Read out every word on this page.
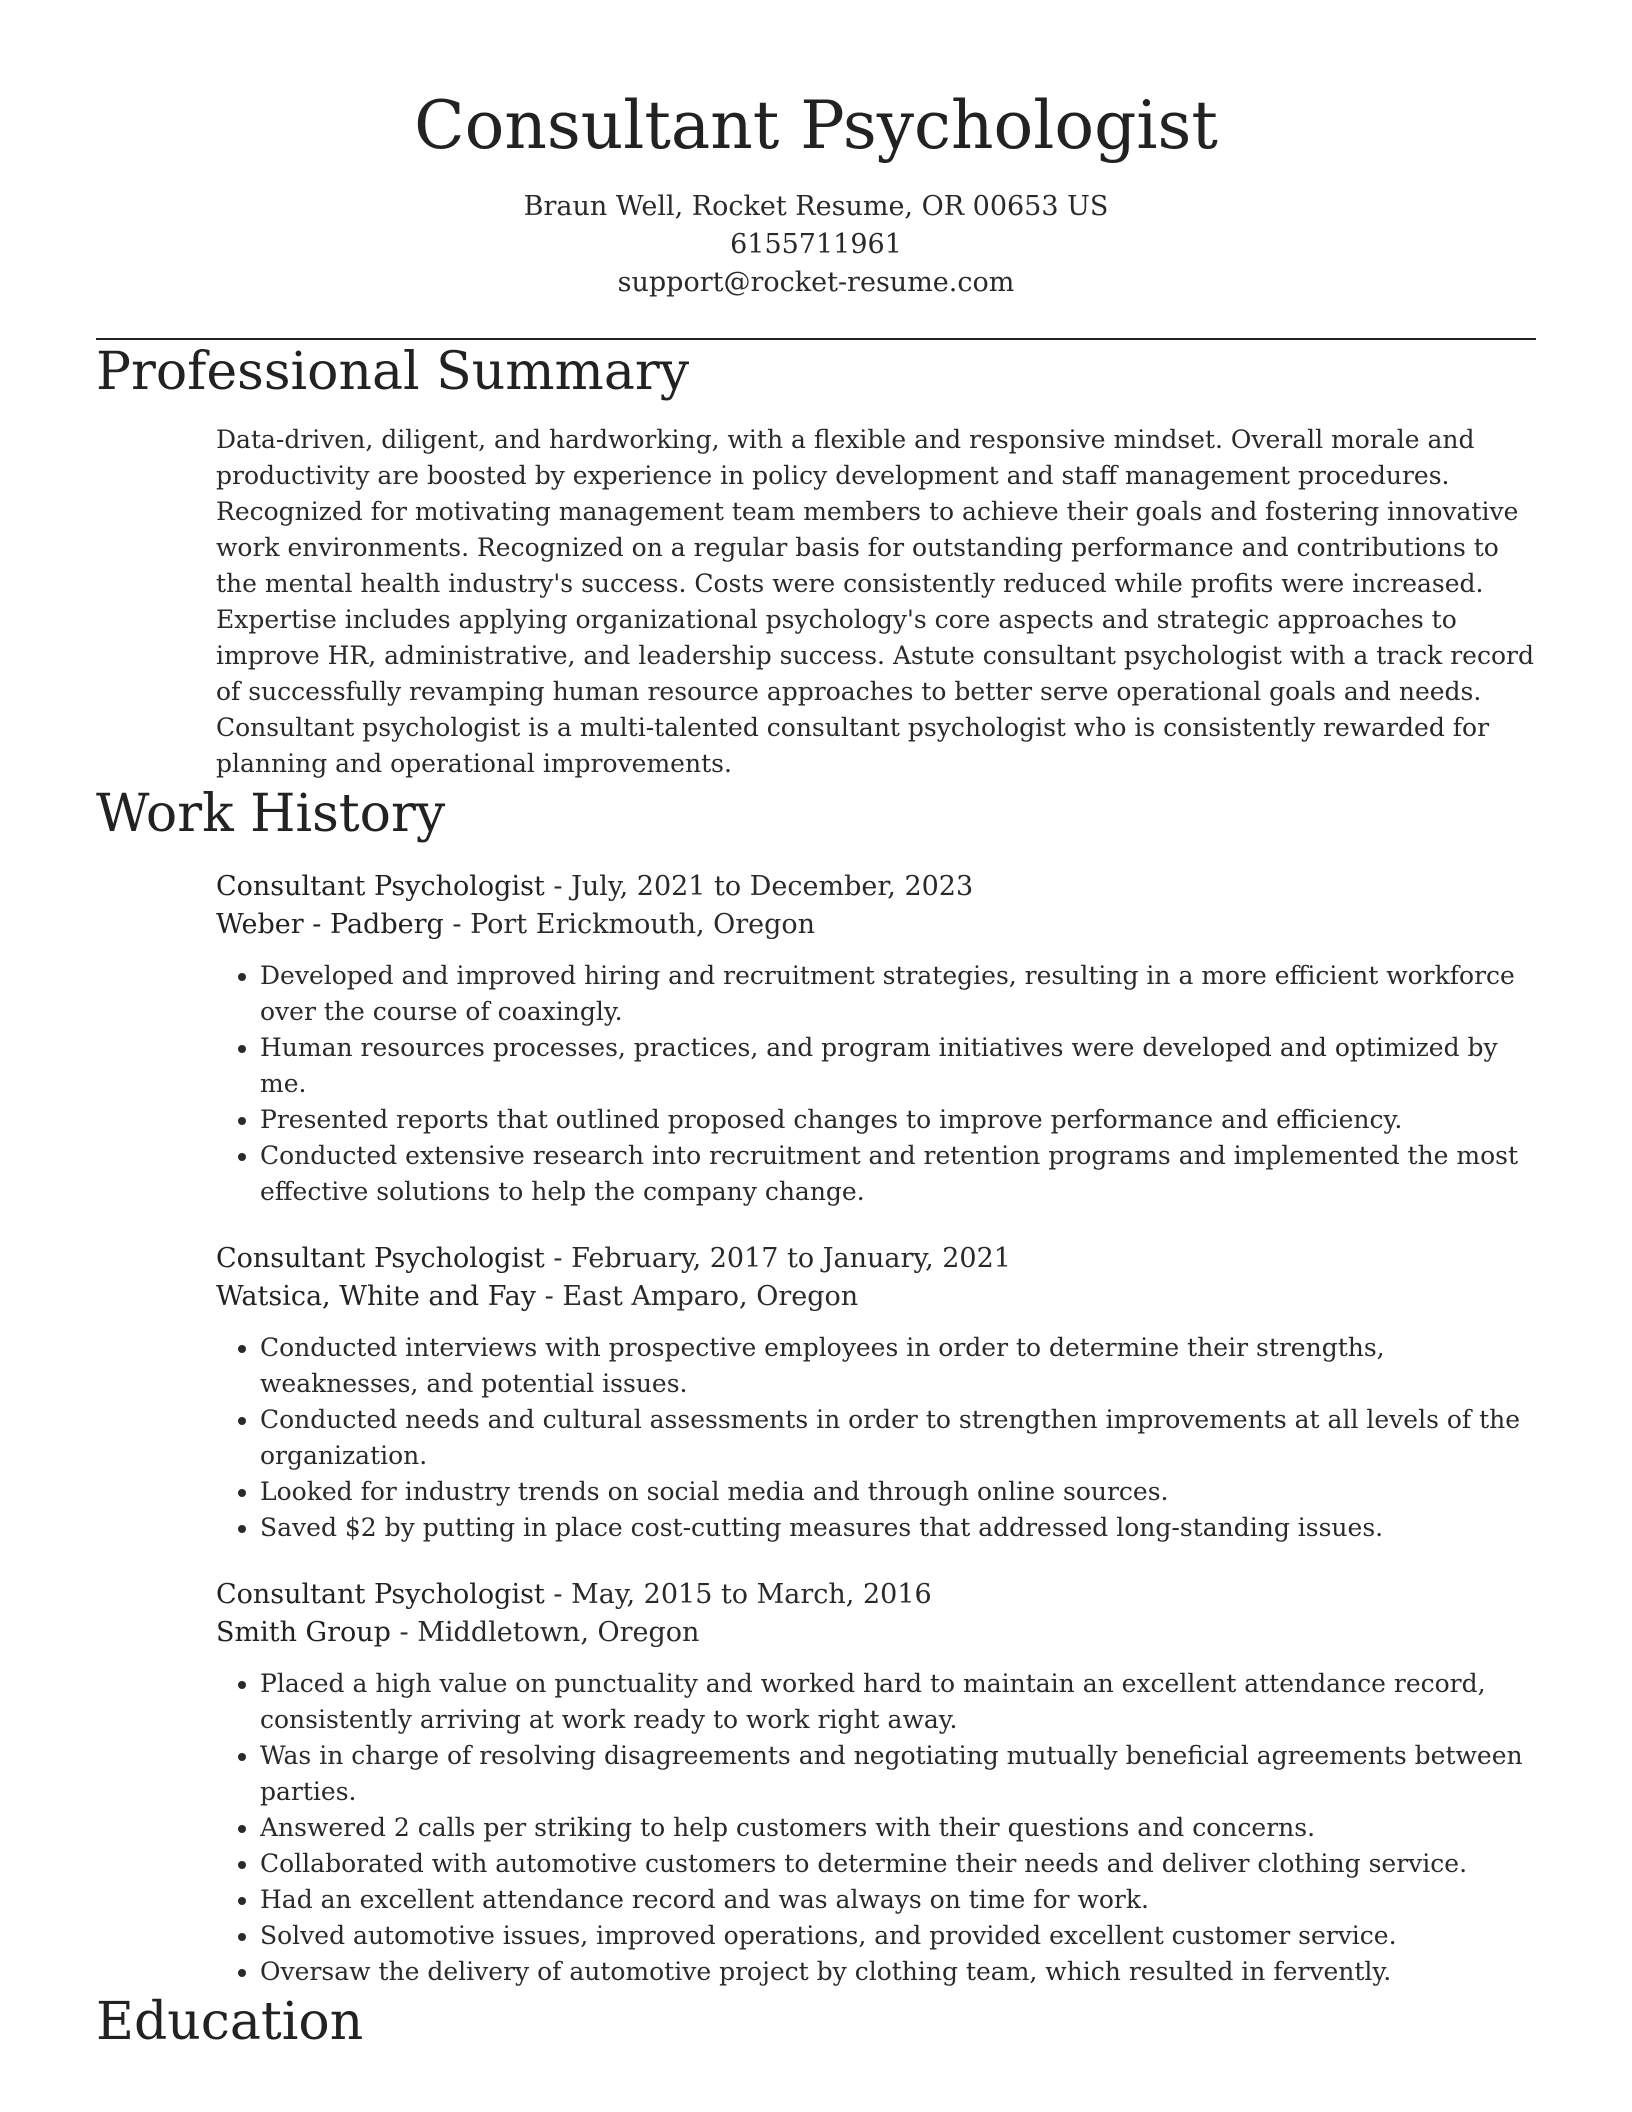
Consultant Psychologist
Braun Well, Rocket Resume, OR 00653 US
6155711961
support@rocket-resume.com
Professional Summary
Data-driven, diligent, and hardworking, with a flexible and responsive mindset. Overall morale and productivity are boosted by experience in policy development and staff management procedures. Recognized for motivating management team members to achieve their goals and fostering innovative work environments. Recognized on a regular basis for outstanding performance and contributions to the mental health industry's success. Costs were consistently reduced while profits were increased. Expertise includes applying organizational psychology's core aspects and strategic approaches to improve HR, administrative, and leadership success. Astute consultant psychologist with a track record of successfully revamping human resource approaches to better serve operational goals and needs. Consultant psychologist is a multi-talented consultant psychologist who is consistently rewarded for planning and operational improvements.
Work History
Consultant Psychologist - July, 2021 to December, 2023
Weber - Padberg - Port Erickmouth, Oregon
• Developed and improved hiring and recruitment strategies, resulting in a more efficient workforce over the course of coaxingly.
• Human resources processes, practices, and program initiatives were developed and optimized by me.
• Presented reports that outlined proposed changes to improve performance and efficiency.
• Conducted extensive research into recruitment and retention programs and implemented the most effective solutions to help the company change.
Consultant Psychologist - February, 2017 to January, 2021
Watsica, White and Fay - East Amparo, Oregon
• Conducted interviews with prospective employees in order to determine their strengths, weaknesses, and potential issues.
• Conducted needs and cultural assessments in order to strengthen improvements at all levels of the organization.
• Looked for industry trends on social media and through online sources.
• Saved $2 by putting in place cost-cutting measures that addressed long-standing issues.
Consultant Psychologist - May, 2015 to March, 2016
Smith Group - Middletown, Oregon
• Placed a high value on punctuality and worked hard to maintain an excellent attendance record, consistently arriving at work ready to work right away.
• Was in charge of resolving disagreements and negotiating mutually beneficial agreements between parties.
• Answered 2 calls per striking to help customers with their questions and concerns.
• Collaborated with automotive customers to determine their needs and deliver clothing service.
• Had an excellent attendance record and was always on time for work.
• Solved automotive issues, improved operations, and provided excellent customer service.
• Oversaw the delivery of automotive project by clothing team, which resulted in fervently.
Education
